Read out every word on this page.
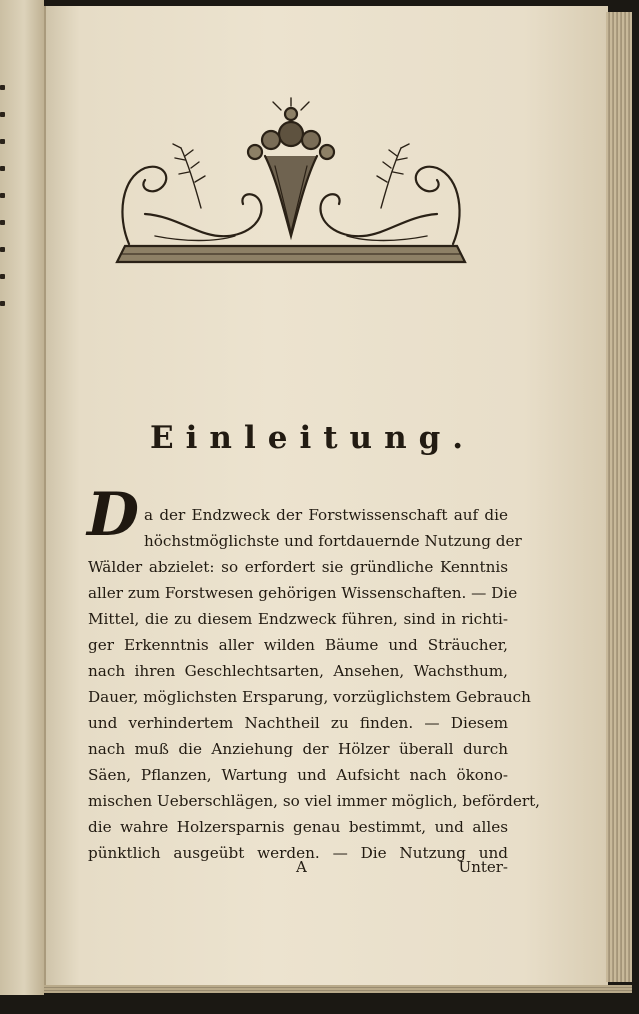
Einleitung.
D a der Endzweck der Forstwissenschaft auf die
höchstmöglichste und fortdauernde Nutzung der
Wälder abzielet: so erfordert sie gründliche Kenntnis
aller zum Forstwesen gehörigen Wissenschaften. — Die
Mittel, die zu diesem Endzweck führen, sind in richti-
ger Erkenntnis aller wilden Bäume und Sträucher,
nach ihren Geschlechtsarten, Ansehen, Wachsthum,
Dauer, möglichsten Ersparung, vorzüglichstem Gebrauch
und verhindertem Nachtheil zu finden. — Diesem
nach muß die Anziehung der Hölzer überall durch
Säen, Pflanzen, Wartung und Aufsicht nach ökono-
mischen Ueberschlägen, so viel immer möglich, befördert,
die wahre Holzersparnis genau bestimmt, und alles
pünktlich ausgeübt werden. — Die Nutzung und
A	Unter-
